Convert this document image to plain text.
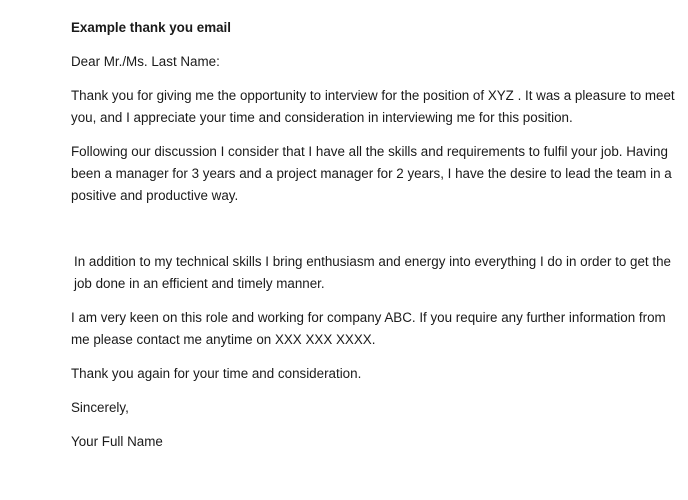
Example thank you email

Dear Mr./Ms. Last Name:

Thank you for giving me the opportunity to interview for the position of XYZ . It was a pleasure to meet you, and I appreciate your time and consideration in interviewing me for this position.

Following our discussion I consider that I have all the skills and requirements to fulfil your job. Having been a manager for 3 years and a project manager for 2 years, I have the desire to lead the team in a positive and productive way.

In addition to my technical skills I bring enthusiasm and energy into everything I do in order to get the job done in an efficient and timely manner.

I am very keen on this role and working for company ABC. If you require any further information from me please contact me anytime on XXX XXX XXXX.

Thank you again for your time and consideration.

Sincerely,

Your Full Name
